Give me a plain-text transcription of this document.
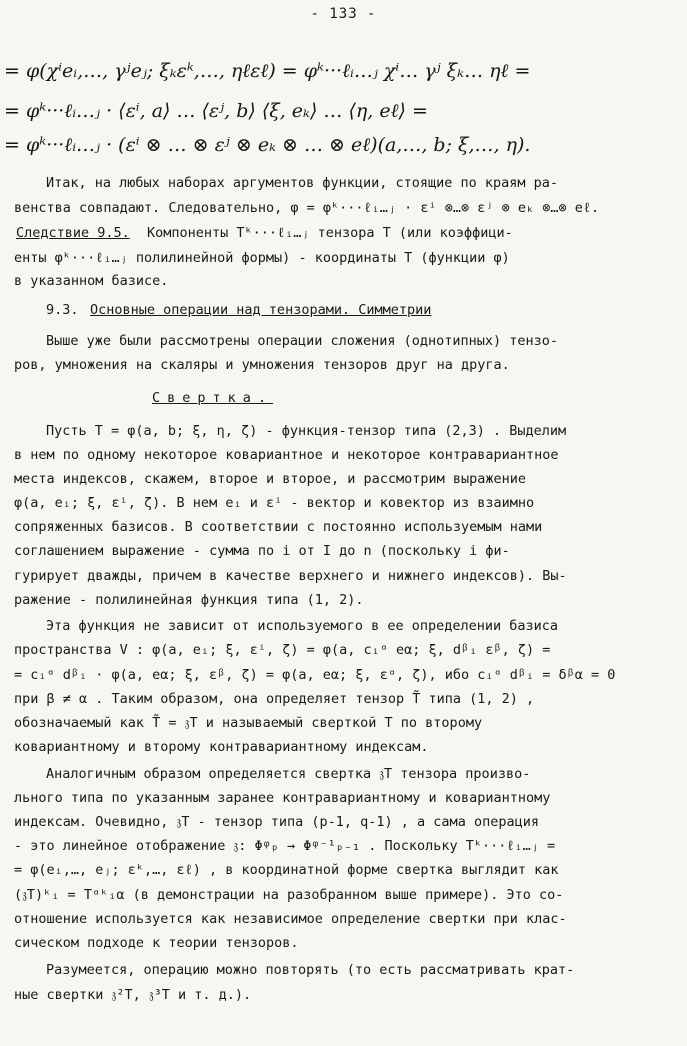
- 133 -
= φ(χⁱeᵢ,…, γʲeⱼ; ξₖεᵏ,…, ηℓεℓ) = φᵏ···ℓᵢ…ⱼ χⁱ… γʲ ξₖ… ηℓ =
= φᵏ···ℓᵢ…ⱼ · ⟨εⁱ, a⟩ … ⟨εʲ, b⟩ ⟨ξ, eₖ⟩ … ⟨η, eℓ⟩ =
= φᵏ···ℓᵢ…ⱼ · (εⁱ ⊗ … ⊗ εʲ ⊗ eₖ ⊗ … ⊗ eℓ)(a,…, b; ξ,…, η).
Итак, на любых наборах аргументов функции, стоящие по краям ра-
венства совпадают. Следовательно, φ = φᵏ···ℓᵢ…ⱼ · εⁱ ⊗…⊗ εʲ ⊗ eₖ ⊗…⊗ eℓ.
Следствие 9.5. Компоненты Tᵏ···ℓᵢ…ⱼ тензора T (или коэффици-
енты φᵏ···ℓᵢ…ⱼ полилинейной формы) - координаты T (функции φ)
в указанном базисе.
9.3. Основные операции над тензорами. Симметрии
Выше уже были рассмотрены операции сложения (однотипных) тензо-
ров, умножения на скаляры и умножения тензоров друг на друга.
Свертка.
Пусть T = φ(a, b; ξ, η, ζ) - функция-тензор типа (2,3) . Выделим
в нем по одному некоторое ковариантное и некоторое контравариантное
места индексов, скажем, второе и второе, и рассмотрим выражение
φ(a, eᵢ; ξ, εⁱ, ζ). В нем eᵢ и εⁱ - вектор и ковектор из взаимно
сопряженных базисов. В соответствии с постоянно используемым нами
соглашением выражение - сумма по i от I до n (поскольку i фи-
гурирует дважды, причем в качестве верхнего и нижнего индексов). Вы-
ражение - полилинейная функция типа (1, 2).
Эта функция не зависит от используемого в ее определении базиса
пространства V : φ(a, eᵢ; ξ, εⁱ, ζ) = φ(a, cᵢᵅ eα; ξ, dᵝᵢ εᵝ, ζ) =
= cᵢᵅ dᵝᵢ · φ(a, eα; ξ, εᵝ, ζ) = φ(a, eα; ξ, εᵅ, ζ), ибо cᵢᵅ dᵝᵢ = δᵝα = 0
при β ≠ α . Таким образом, она определяет тензор T̃ типа (1, 2) ,
обозначаемый как T̃ = 𝔷T и называемый сверткой T по второму
ковариантному и второму контравариантному индексам.
Аналогичным образом определяется свертка 𝔷T тензора произво-
льного типа по указанным заранее контравариантному и ковариантному
индексам. Очевидно, 𝔷T - тензор типа (p-1, q-1) , а сама операция
- это линейное отображение 𝔷: Φᵠₚ → Φᵠ⁻¹ₚ₋₁ . Поскольку Tᵏ···ℓᵢ…ⱼ =
= φ(eᵢ,…, eⱼ; εᵏ,…, εℓ) , в координатной форме свертка выглядит как
(𝔷T)ᵏᵢ = Tᵅᵏᵢα (в демонстрации на разобранном выше примере). Это со-
отношение используется как независимое определение свертки при клас-
сическом подходе к теории тензоров.
Разумеется, операцию можно повторять (то есть рассматривать крат-
ные свертки 𝔷²T, 𝔷³T и т. д.).
